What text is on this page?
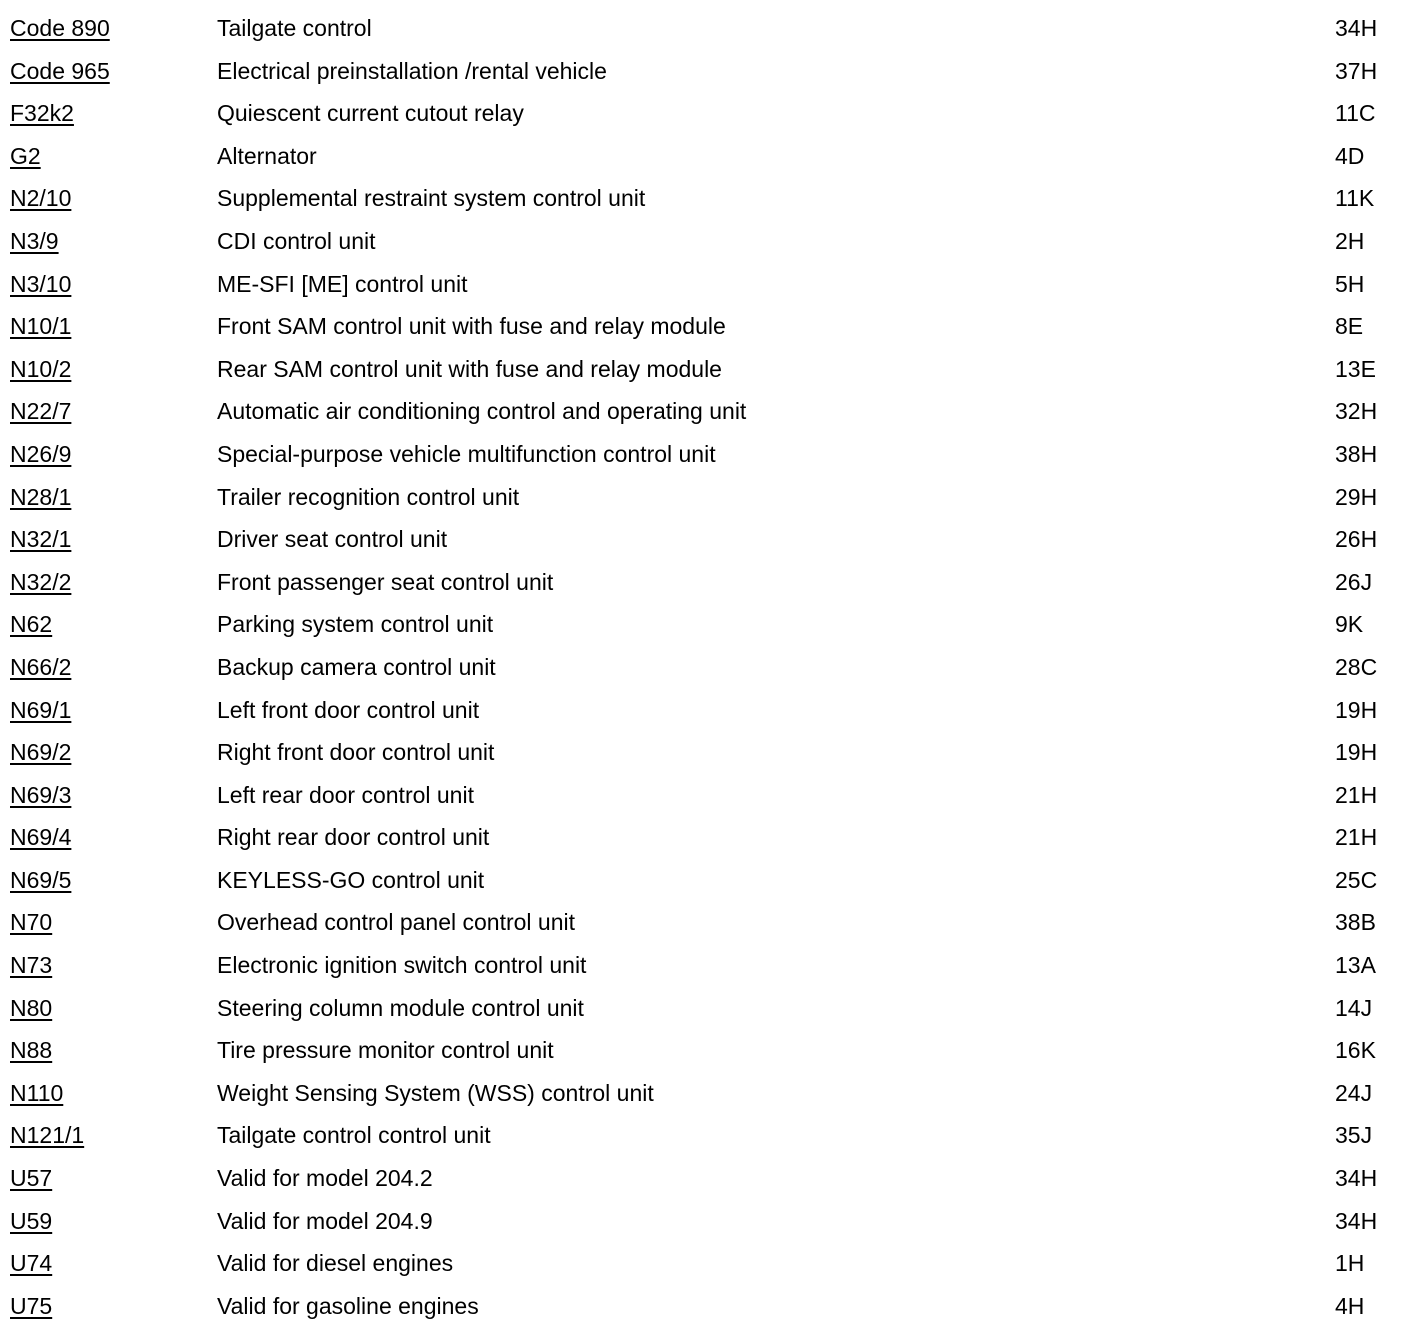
Code 890	Tailgate control	34H
Code 965	Electrical preinstallation /rental vehicle	37H
F32k2	Quiescent current cutout relay	11C
G2	Alternator	4D
N2/10	Supplemental restraint system control unit	11K
N3/9	CDI control unit	2H
N3/10	ME-SFI [ME] control unit	5H
N10/1	Front SAM control unit with fuse and relay module	8E
N10/2	Rear SAM control unit with fuse and relay module	13E
N22/7	Automatic air conditioning control and operating unit	32H
N26/9	Special-purpose vehicle multifunction control unit	38H
N28/1	Trailer recognition control unit	29H
N32/1	Driver seat control unit	26H
N32/2	Front passenger seat control unit	26J
N62	Parking system control unit	9K
N66/2	Backup camera control unit	28C
N69/1	Left front door control unit	19H
N69/2	Right front door control unit	19H
N69/3	Left rear door control unit	21H
N69/4	Right rear door control unit	21H
N69/5	KEYLESS-GO control unit	25C
N70	Overhead control panel control unit	38B
N73	Electronic ignition switch control unit	13A
N80	Steering column module control unit	14J
N88	Tire pressure monitor control unit	16K
N110	Weight Sensing System (WSS) control unit	24J
N121/1	Tailgate control control unit	35J
U57	Valid for model 204.2	34H
U59	Valid for model 204.9	34H
U74	Valid for diesel engines	1H
U75	Valid for gasoline engines	4H
